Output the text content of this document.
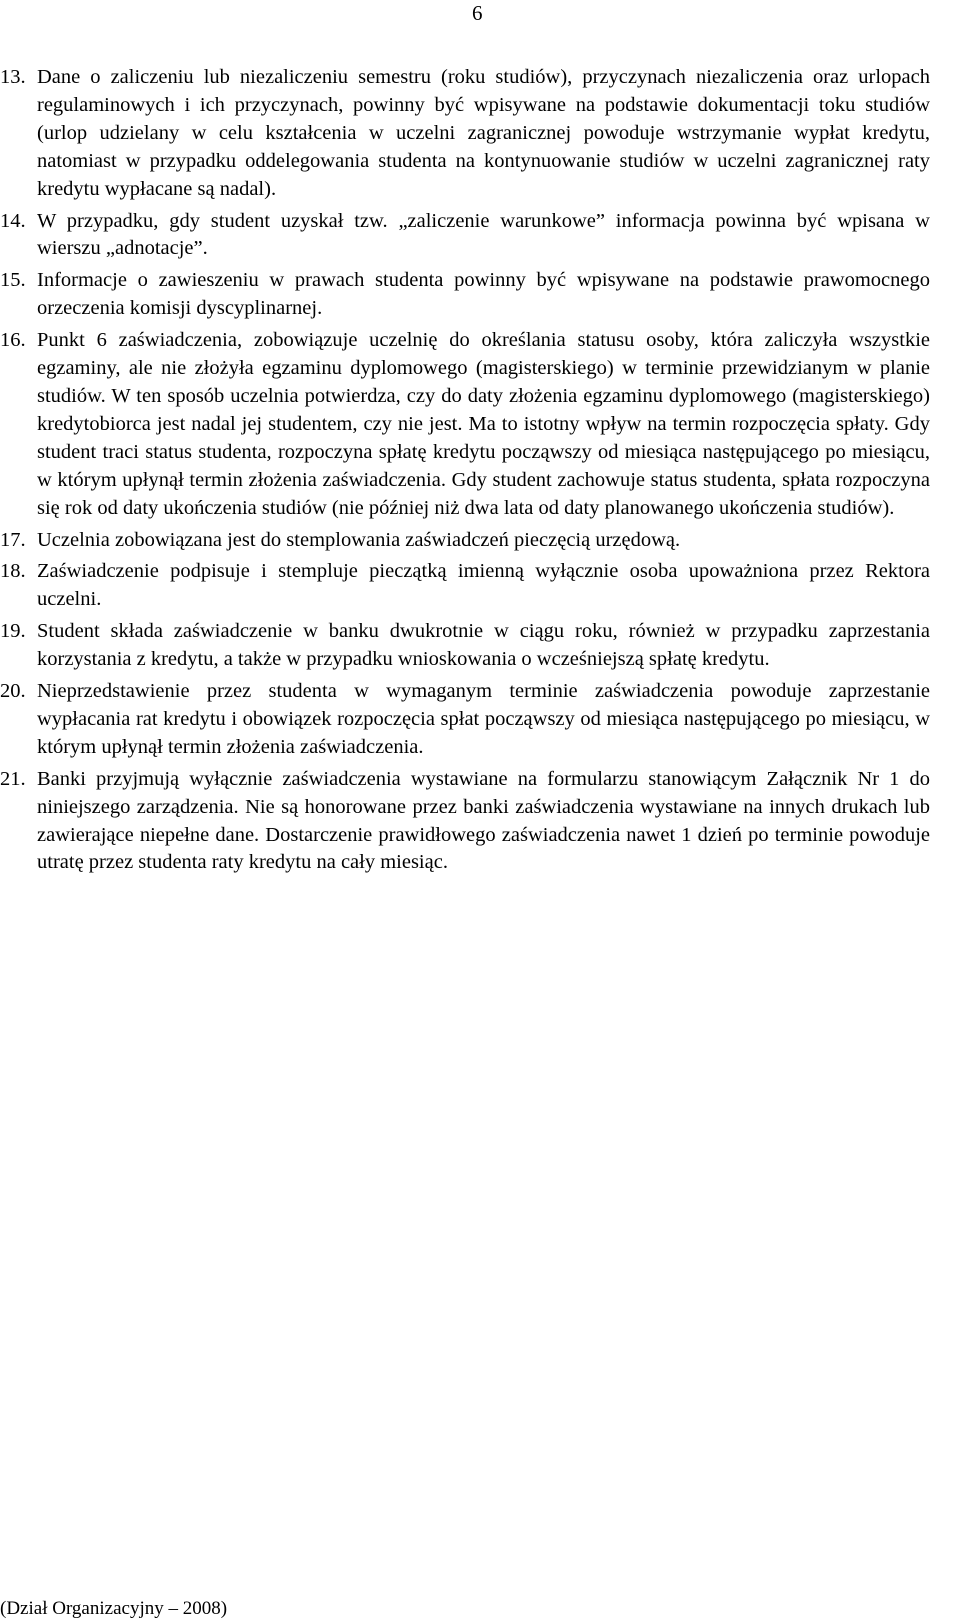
6
13. Dane o zaliczeniu lub niezaliczeniu semestru (roku studiów), przyczynach niezaliczenia oraz urlopach regulaminowych i ich przyczynach, powinny być wpisywane na podstawie dokumentacji toku studiów (urlop udzielany w celu kształcenia w uczelni zagranicznej powoduje wstrzymanie wypłat kredytu, natomiast w przypadku oddelegowania studenta na kontynuowanie studiów w uczelni zagranicznej raty kredytu wypłacane są nadal).
14. W przypadku, gdy student uzyskał tzw. „zaliczenie warunkowe” informacja powinna być wpisana w wierszu „adnotacje”.
15. Informacje o zawieszeniu w prawach studenta powinny być wpisywane na podstawie prawomocnego orzeczenia komisji dyscyplinarnej.
16. Punkt 6 zaświadczenia, zobowiązuje uczelnię do określania statusu osoby, która zaliczyła wszystkie egzaminy, ale nie złożyła egzaminu dyplomowego (magisterskiego) w terminie przewidzianym w planie studiów. W ten sposób uczelnia potwierdza, czy do daty złożenia egzaminu dyplomowego (magisterskiego) kredytobiorca jest nadal jej studentem, czy nie jest. Ma to istotny wpływ na termin rozpoczęcia spłaty. Gdy student traci status studenta, rozpoczyna spłatę kredytu począwszy od miesiąca następującego po miesiącu, w którym upłynął termin złożenia zaświadczenia. Gdy student zachowuje status studenta, spłata rozpoczyna się rok od daty ukończenia studiów (nie później niż dwa lata od daty planowanego ukończenia studiów).
17. Uczelnia zobowiązana jest do stemplowania zaświadczeń pieczęcią urzędową.
18. Zaświadczenie podpisuje i stempluje pieczątką imienną wyłącznie osoba upoważniona przez Rektora uczelni.
19. Student składa zaświadczenie w banku dwukrotnie w ciągu roku, również w przypadku zaprzestania korzystania z kredytu, a także w przypadku wnioskowania o wcześniejszą spłatę kredytu.
20. Nieprzedstawienie przez studenta w wymaganym terminie zaświadczenia powoduje zaprzestanie wypłacania rat kredytu i obowiązek rozpoczęcia spłat począwszy od miesiąca następującego po miesiącu, w którym upłynął termin złożenia zaświadczenia.
21. Banki przyjmują wyłącznie zaświadczenia wystawiane na formularzu stanowiącym Załącznik Nr 1 do niniejszego zarządzenia. Nie są honorowane przez banki zaświadczenia wystawiane na innych drukach lub zawierające niepełne dane. Dostarczenie prawidłowego zaświadczenia nawet 1 dzień po terminie powoduje utratę przez studenta raty kredytu na cały miesiąc.
(Dział Organizacyjny – 2008)
